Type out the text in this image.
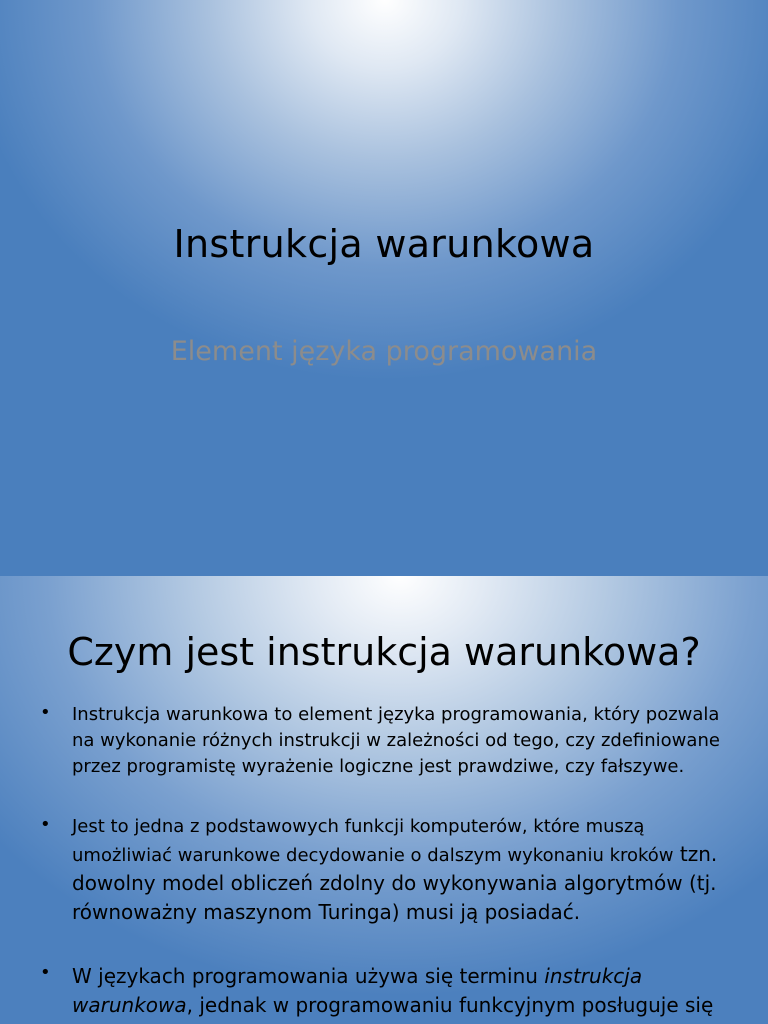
Instrukcja warunkowa
Element języka programowania
Czym jest instrukcja warunkowa?
• Instrukcja warunkowa to element języka programowania, który pozwala
na wykonanie różnych instrukcji w zależności od tego, czy zdefiniowane
przez programistę wyrażenie logiczne jest prawdziwe, czy fałszywe.
• Jest to jedna z podstawowych funkcji komputerów, które muszą
umożliwiać warunkowe decydowanie o dalszym wykonaniu kroków tzn.
dowolny model obliczeń zdolny do wykonywania algorytmów (tj.
równoważny maszynom Turinga) musi ją posiadać.
• W językach programowania używa się terminu instrukcja
warunkowa, jednak w programowaniu funkcyjnym posługuje się
